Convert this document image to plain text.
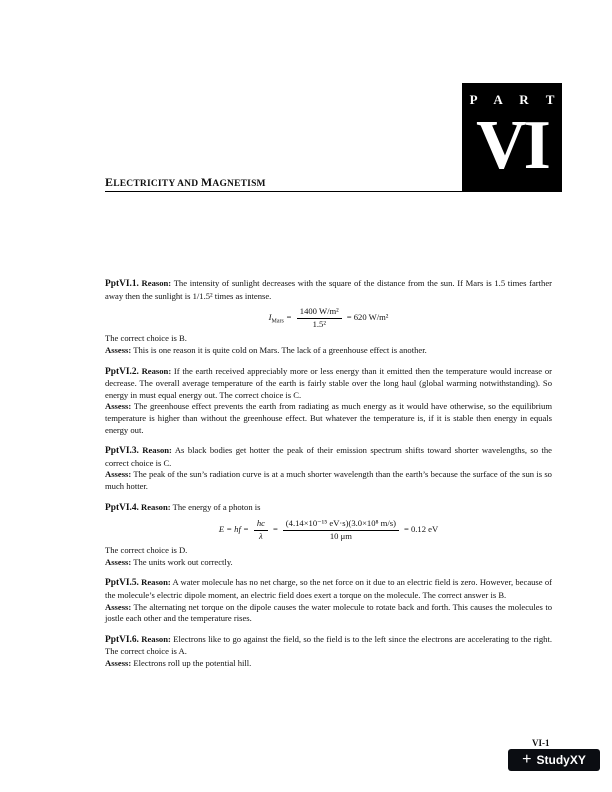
P A R T
VI
ELECTRICITY AND MAGNETISM

PptVI.1. Reason: The intensity of sunlight decreases with the square of the distance from the sun. If Mars is 1.5 times farther away then the sunlight is 1/1.5² times as intense.

$I_{Mars} = \frac{\text{1400 W/m²}}{\text{1.5²}} = 620$ W/m²

The correct choice is B.

Assess: This is one reason it is quite cold on Mars. The lack of a greenhouse effect is another.

PptVI.2. Reason: If the earth received appreciably more or less energy than it emitted then the temperature would increase or decrease. The overall average temperature of the earth is fairly stable over the long haul (global warming notwithstanding). So energy in must equal energy out. The correct choice is C.

Assess: The greenhouse effect prevents the earth from radiating as much energy as it would have otherwise, so the equilibrium temperature is higher than without the greenhouse effect. But whatever the temperature is, if it is stable then energy in equals energy out.

PptVI.3. Reason: As black bodies get hotter the peak of their emission spectrum shifts toward shorter wavelengths, so the correct choice is C.

Assess: The peak of the sun’s radiation curve is at a much shorter wavelength than the earth’s because the surface of the sun is so much hotter.

PptVI.4. Reason: The energy of a photon is

E = hf = $\frac{hc}{\lambda} = \frac{\text{(4.14×10⁻¹⁵ eV·s)(3.0×10⁸ m/s)}}{10 \mu m} = 0.12$ eV

The correct choice is D.

Assess: The units work out correctly.

PptVI.5. Reason: A water molecule has no net charge, so the net force on it due to an electric field is zero. However, because of the molecule’s electric dipole moment, an electric field does exert a torque on the molecule. The correct answer is B.

Assess: The alternating net torque on the dipole causes the water molecule to rotate back and forth. This causes the molecules to jostle each other and the temperature rises.

PptVI.6. Reason: Electrons like to go against the field, so the field is to the left since the electrons are accelerating to the right. The correct choice is A.

Assess: Electrons roll up the potential hill.

VI-1
+ StudyXY
